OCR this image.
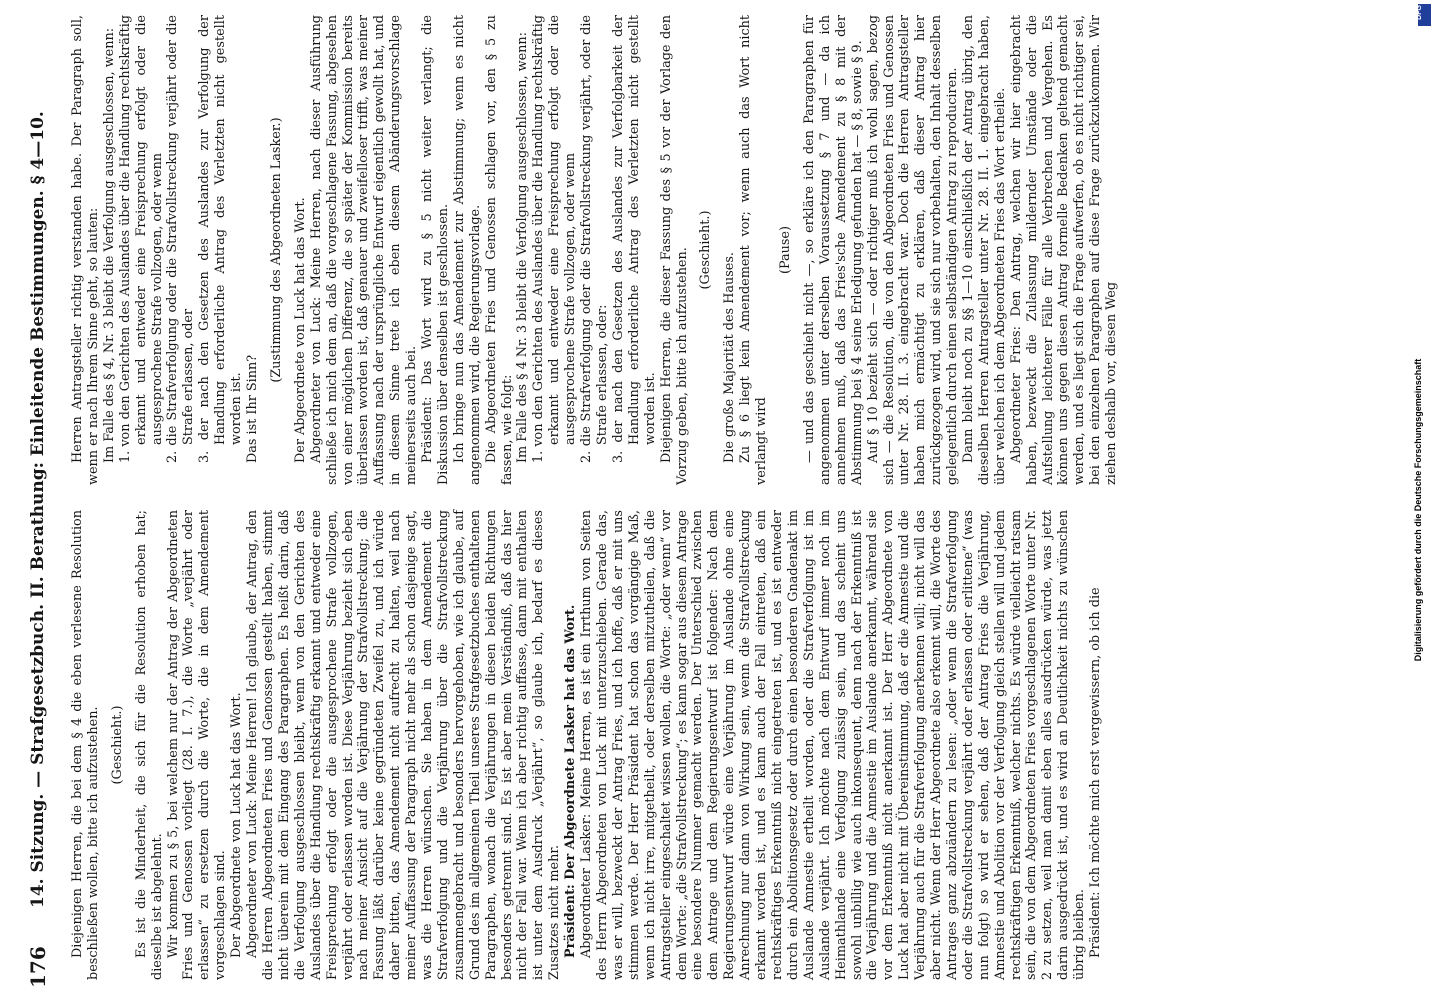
176
14. Sitzung. — Strafgesetzbuch. II. Berathung: Einleitende Bestimmungen. § 4—10. Diejenigen Herren, die bei dem § 4 die eben verlesene Resolution beschließen wollen, bitte ich aufzustehen. (Geschieht.) Es ist die Minderheit, die sich für die Resolution erhoben hat; dieselbe ist abgelehnt. Wir kommen zu § 5, bei welchem nur der Antrag der Abgeordneten Fries und Genossen vorliegt (28. I. 7.), die Worte „verjährt oder erlassen“ zu ersetzen durch die Worte, die in dem Amendement vorgeschlagen sind. Der Abgeordnete von Luck hat das Wort. Abgeordneter von Luck: Meine Herren! Ich glaube, der Antrag, den die Herren Abgeordneten Fries und Genossen gestellt haben, stimmt nicht überein mit dem Eingang des Paragraphen. Es heißt darin, daß die Verfolgung ausgeschlossen bleibt, wenn von den Gerichten des Auslandes über die Handlung rechtskräftig erkannt und entweder eine Freisprechung erfolgt oder die ausgesprochene Strafe vollzogen, verjährt oder erlassen worden ist. Diese Verjährung bezieht sich eben nach meiner Ansicht auf die Verjährung der Strafvollstreckung; die Fassung läßt darüber keine gegründeten Zweifel zu, und ich würde daher bitten, das Amendement nicht aufrecht zu halten, weil nach meiner Auffassung der Paragraph nicht mehr als schon dasjenige sagt, was die Herren wünschen. Sie haben in dem Amendement die Strafverfolgung und die Verjährung über die Strafvollstreckung zusammengebracht und besonders hervorgehoben, wie ich glaube, auf Grund des im allgemeinen Theil unseres Strafgesetzbuches enthaltenen Paragraphen, wonach die Verjährungen in diesen beiden Richtungen besonders getrennt sind. Es ist aber mein Verständniß, daß das hier nicht der Fall war. Wenn ich aber richtig auffasse, dann mit enthalten ist unter dem Ausdruck „Verjährt“, so glaube ich, bedarf es dieses Zusatzes nicht mehr. Präsident: Der Abgeordnete Lasker hat das Wort. Abgeordneter Lasker: Meine Herren, es ist ein Irrthum von Seiten des Herrn Abgeordneten von Luck mit unterzuschieben. Gerade das, was er will, bezweckt der Antrag Fries, und ich hoffe, daß er mit uns stimmen werde. Der Herr Präsident hat schon das vorgängige Maß, wenn ich nicht irre, mitgetheilt, oder derselben mitzutheilen, daß die Antragsteller eingeschaltet wissen wollen, die Worte: „oder wenn“ vor dem Worte: „die Strafvollstreckung“; es kann sogar aus diesem Antrage eine besondere Nummer gemacht werden. Der Unterschied zwischen dem Antrage und dem Regierungsentwurf ist folgender: Nach dem Regierungsentwurf würde eine Verjährung im Auslande ohne eine Anrechnung nur dann von Wirkung sein, wenn die Strafvollstreckung erkannt worden ist, und es kann auch der Fall eintreten, daß ein rechtskräftiges Erkenntniß nicht eingetreten ist, und es ist entweder durch ein Abolitionsgesetz oder durch einen besonderen Gnadenakt im Auslande Amnestie ertheilt worden, oder die Strafverfolgung ist im Auslande verjährt. Ich möchte nach dem Entwurf immer noch im Heimathlande eine Verfolgung zulässig sein, und das scheint uns sowohl unbillig wie auch inkonsequent, denn nach der Erkenntniß ist die Verjährung und die Amnestie im Auslande anerkannt, während sie vor dem Erkenntniß nicht anerkannt ist. Der Herr Abgeordnete von Luck hat aber nicht mit Übereinstimmung, daß er die Amnestie und die Verjährung auch für die Strafverfolgung anerkennen will; nicht will das aber nicht. Wenn der Herr Abgeordnete also erkennt will, die Worte des Antrages ganz abzuändern zu lesen: „oder wenn die Strafverfolgung oder die Strafvollstreckung verjährt oder erlassen oder erlittene“ (was nun folgt) so wird er sehen, daß der Antrag Fries die Verjährung, Amnestie und Abolition vor der Verfolgung gleich stellen will und jedem rechtskräftigen Erkenntniß, welcher nichts. Es würde vielleicht ratsam sein, die von dem Abgeordneten Fries vorgeschlagenen Worte unter Nr. 2 zu setzen, weil man damit eben alles ausdrücken würde, was jetzt darin ausgedrückt ist, und es wird an Deutlichkeit nichts zu wünschen übrig bleiben. Präsident: Ich möchte mich erst vergewissern, ob ich die

Herren Antragsteller richtig verstanden habe. Der Paragraph soll, wenn er nach Ihrem Sinne geht, so lauten: Im Falle des § 4, Nr. 3 bleibt die Verfolgung ausgeschlossen, wenn: 1. von den Gerichten des Auslandes über die Handlung rechtskräftig erkannt und entweder eine Freisprechung erfolgt oder die ausgesprochene Strafe vollzogen, oder wenn 2. die Strafverfolgung oder die Strafvollstreckung verjährt oder die Strafe erlassen, oder 3. der nach den Gesetzen des Auslandes zur Verfolgung der Handlung erforderliche Antrag des Verletzten nicht gestellt worden ist. Das ist Ihr Sinn?

(Zustimmung des Abgeordneten Lasker.) Der Abgeordnete von Luck hat das Wort. Abgeordneter von Luck: Meine Herren, nach dieser Ausführung schließe ich mich dem an, daß die vorgeschlagene Fassung, abgesehen von einer möglichen Differenz, die so später der Kommission bereits überlassen worden ist, daß genauer und zweifelloser trifft, was meiner Auffassung nach der ursprüngliche Entwurf eigentlich gewollt hat, und in diesem Sinne trete ich eben diesem Abänderungsvorschlage meinerseits auch bei. Präsident: Das Wort wird zu § 5 nicht weiter verlangt; die Diskussion über denselben ist geschlossen. Ich bringe nun das Amendement zur Abstimmung; wenn es nicht angenommen wird, die Regierungsvorlage. Die Abgeordneten Fries und Genossen schlagen vor, den § 5 zu fassen, wie folgt: Im Falle des § 4 Nr. 3 bleibt die Verfolgung ausgeschlossen, wenn: 1. von den Gerichten des Auslandes über die Handlung rechtskräftig erkannt und entweder eine Freisprechung erfolgt oder die ausgesprochene Strafe vollzogen, oder wenn 2. die Strafverfolgung oder die Strafvollstreckung verjährt, oder die Strafe erlassen, oder: 3. der nach den Gesetzen des Auslandes zur Verfolgbarkeit der Handlung erforderliche Antrag des Verletzten nicht gestellt worden ist. Diejenigen Herren, die dieser Fassung des § 5 vor der Vorlage den Vorzug geben, bitte ich aufzustehen. (Geschieht.)

Die große Majorität des Hauses. Zu § 6 liegt kein Amendement vor; wenn auch das Wort nicht verlangt wird

(Pause) — und das geschieht nicht —, so erkläre ich den Paragraphen für angenommen unter derselben Voraussetzung § 7 und — da ich annehmen muß, daß das Fries'sche Amendement zu § 8 mit der Abstimmung bei § 4 seine Erledigung gefunden hat — § 8, sowie § 9. Auf § 10 bezieht sich — oder richtiger muß ich wohl sagen, bezog sich — die Resolution, die von den Abgeordneten Fries und Genossen unter Nr. 28. II. 3. eingebracht war. Doch die Herren Antragsteller haben mich ermächtigt zu erklären, daß dieser Antrag hier zurückgezogen wird, und sie sich nur vorbehalten, den Inhalt desselben gelegentlich durch einen selbständigen Antrag zu reproduciren. Dann bleibt noch zu §§ 1—10 einschließlich der Antrag übrig, den dieselben Herren Antragsteller unter Nr. 28. II. 1. eingebracht haben, über welchen ich dem Abgeordneten Fries das Wort ertheile. Abgeordneter Fries: Den Antrag, welchen wir hier eingebracht haben, bezweckt die Zulassung mildernder Umstände oder die Aufstellung leichterer Fälle für alle Verbrechen und Vergehen. Es können uns gegen diesen Antrag formelle Bedenken geltend gemacht werden, und es liegt sich die Frage aufwerfen, ob es nicht richtiger sei, bei den einzelnen Paragraphen auf diese Frage zurückzukommen. Wir ziehen deshalb vor, diesen Weg	Digitalisierung gefördert durch die Deutsche Forschungsgemeinschaft
DFG
